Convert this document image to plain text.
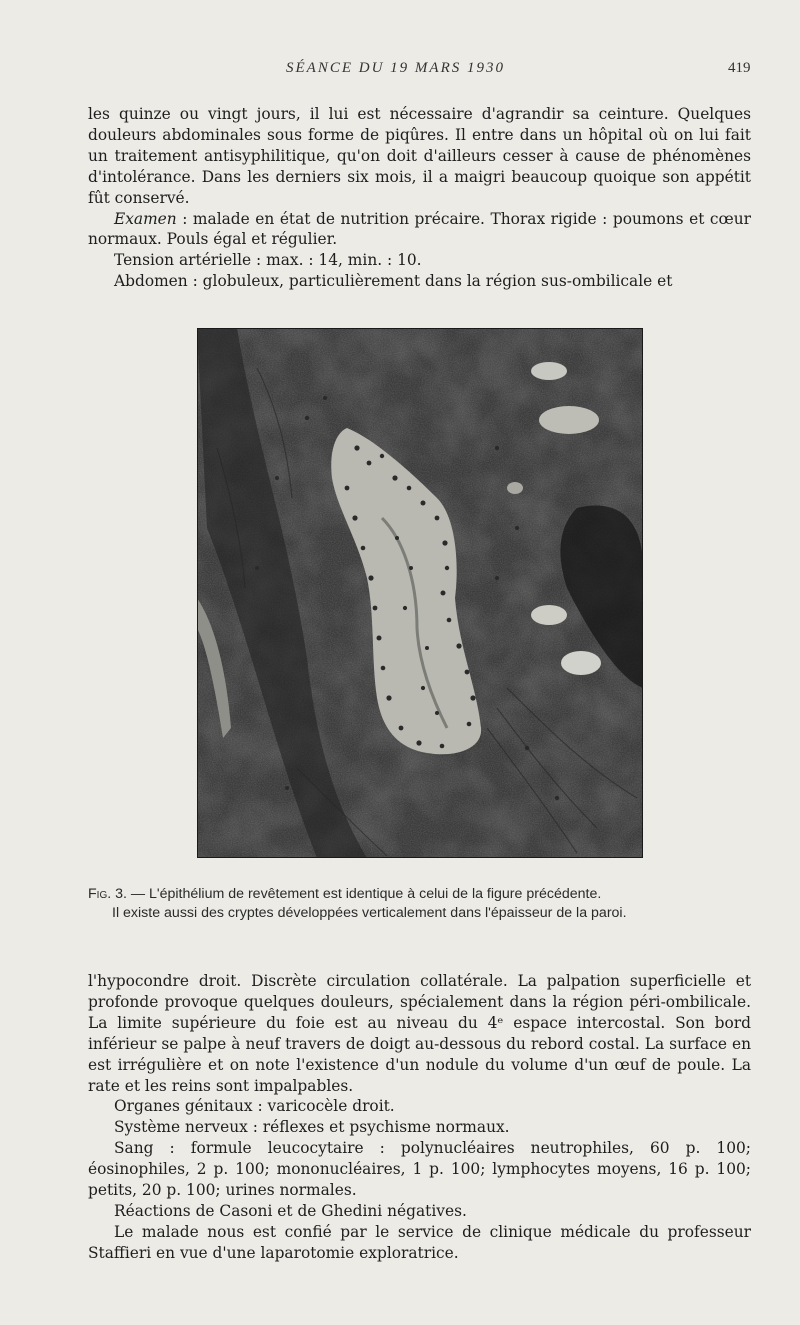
SÉANCE DU 19 MARS 1930	419

les quinze ou vingt jours, il lui est nécessaire d'agrandir sa ceinture. Quelques douleurs abdominales sous forme de piqûres. Il entre dans un hôpital où on lui fait un traitement antisyphilitique, qu'on doit d'ailleurs cesser à cause de phénomènes d'intolérance. Dans les derniers six mois, il a maigri beaucoup quoique son appétit fût conservé.

Examen : malade en état de nutrition précaire. Thorax rigide : poumons et cœur normaux. Pouls égal et régulier.

Tension artérielle : max. : 14, min. : 10.

Abdomen : globuleux, particulièrement dans la région sus-ombilicale et

Fig. 3. — L'épithélium de revêtement est identique à celui de la figure précédente.
Il existe aussi des cryptes développées verticalement dans l'épaisseur de la paroi.

l'hypocondre droit. Discrète circulation collatérale. La palpation superficielle et profonde provoque quelques douleurs, spécialement dans la région péri-ombilicale. La limite supérieure du foie est au niveau du 4ᵉ espace intercostal. Son bord inférieur se palpe à neuf travers de doigt au-dessous du rebord costal. La surface en est irrégulière et on note l'existence d'un nodule du volume d'un œuf de poule. La rate et les reins sont impalpables.

Organes génitaux : varicocèle droit.

Système nerveux : réflexes et psychisme normaux.

Sang : formule leucocytaire : polynucléaires neutrophiles, 60 p. 100; éosinophiles, 2 p. 100; mononucléaires, 1 p. 100; lymphocytes moyens, 16 p. 100; petits, 20 p. 100; urines normales.

Réactions de Casoni et de Ghedini négatives.

Le malade nous est confié par le service de clinique médicale du professeur Staffieri en vue d'une laparotomie exploratrice.
